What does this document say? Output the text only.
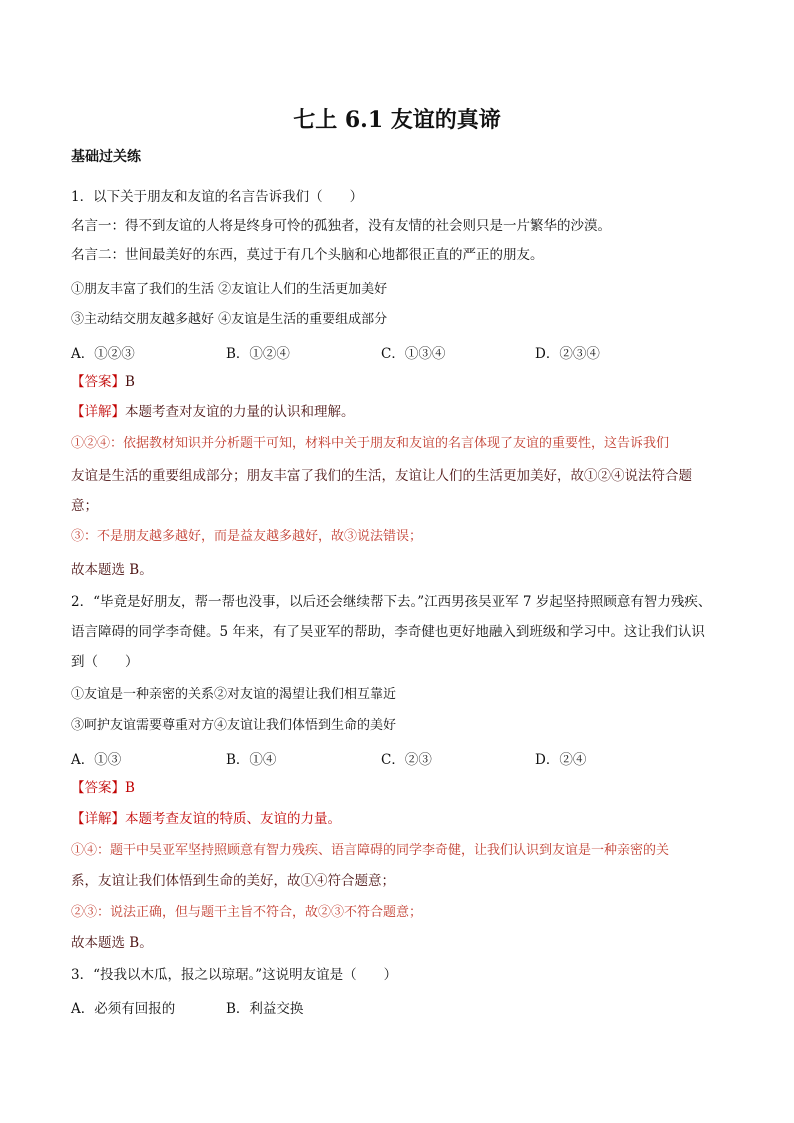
七上 6.1 友谊的真谛
基础过关练
1．以下关于朋友和友谊的名言告诉我们（　　）
名言一：得不到友谊的人将是终身可怜的孤独者，没有友情的社会则只是一片繁华的沙漠。
名言二：世间最美好的东西，莫过于有几个头脑和心地都很正直的严正的朋友。
①朋友丰富了我们的生活 ②友谊让人们的生活更加美好
③主动结交朋友越多越好 ④友谊是生活的重要组成部分
A．①②③	B．①②④	C．①③④	D．②③④
【答案】B
【详解】本题考查对友谊的力量的认识和理解。
①②④：依据教材知识并分析题干可知，材料中关于朋友和友谊的名言体现了友谊的重要性，这告诉我们
友谊是生活的重要组成部分；朋友丰富了我们的生活，友谊让人们的生活更加美好，故①②④说法符合题
意；
③：不是朋友越多越好，而是益友越多越好，故③说法错误；
故本题选 B。
2．“毕竟是好朋友，帮一帮也没事，以后还会继续帮下去。”江西男孩吴亚军 7 岁起坚持照顾意有智力残疾、
语言障碍的同学李奇健。5 年来，有了吴亚军的帮助，李奇健也更好地融入到班级和学习中。这让我们认识
到（　　）
①友谊是一种亲密的关系②对友谊的渴望让我们相互靠近
③呵护友谊需要尊重对方④友谊让我们体悟到生命的美好
A．①③	B．①④	C．②③	D．②④
【答案】B
【详解】本题考查友谊的特质、友谊的力量。
①④：题干中吴亚军坚持照顾意有智力残疾、语言障碍的同学李奇健，让我们认识到友谊是一种亲密的关
系，友谊让我们体悟到生命的美好，故①④符合题意；
②③：说法正确，但与题干主旨不符合，故②③不符合题意；
故本题选 B。
3．“投我以木瓜，报之以琼琚。”这说明友谊是（　　）
A．必须有回报的	B．利益交换
